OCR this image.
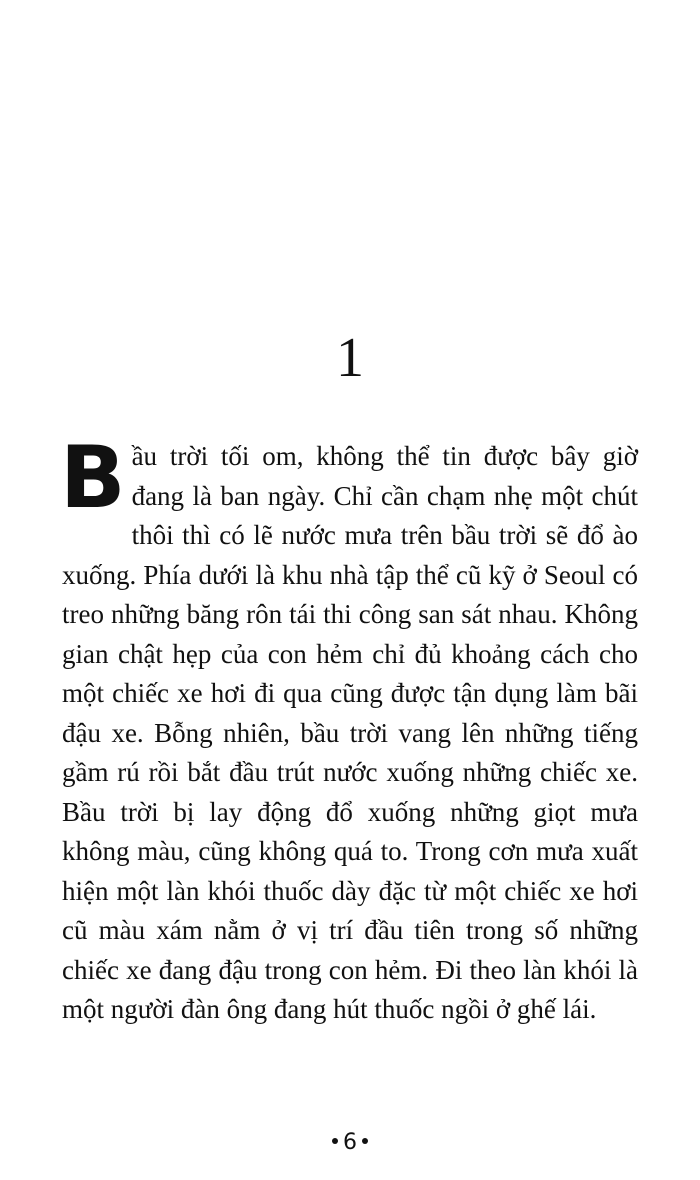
1

Bầu trời tối om, không thể tin được bây giờ đang là ban ngày. Chỉ cần chạm nhẹ một chút thôi thì có lẽ nước mưa trên bầu trời sẽ đổ ào xuống. Phía dưới là khu nhà tập thể cũ kỹ ở Seoul có treo những băng rôn tái thi công san sát nhau. Không gian chật hẹp của con hẻm chỉ đủ khoảng cách cho một chiếc xe hơi đi qua cũng được tận dụng làm bãi đậu xe. Bỗng nhiên, bầu trời vang lên những tiếng gầm rú rồi bắt đầu trút nước xuống những chiếc xe. Bầu trời bị lay động đổ xuống những giọt mưa không màu, cũng không quá to. Trong cơn mưa xuất hiện một làn khói thuốc dày đặc từ một chiếc xe hơi cũ màu xám nằm ở vị trí đầu tiên trong số những chiếc xe đang đậu trong con hẻm. Đi theo làn khói là một người đàn ông đang hút thuốc ngồi ở ghế lái.

6
